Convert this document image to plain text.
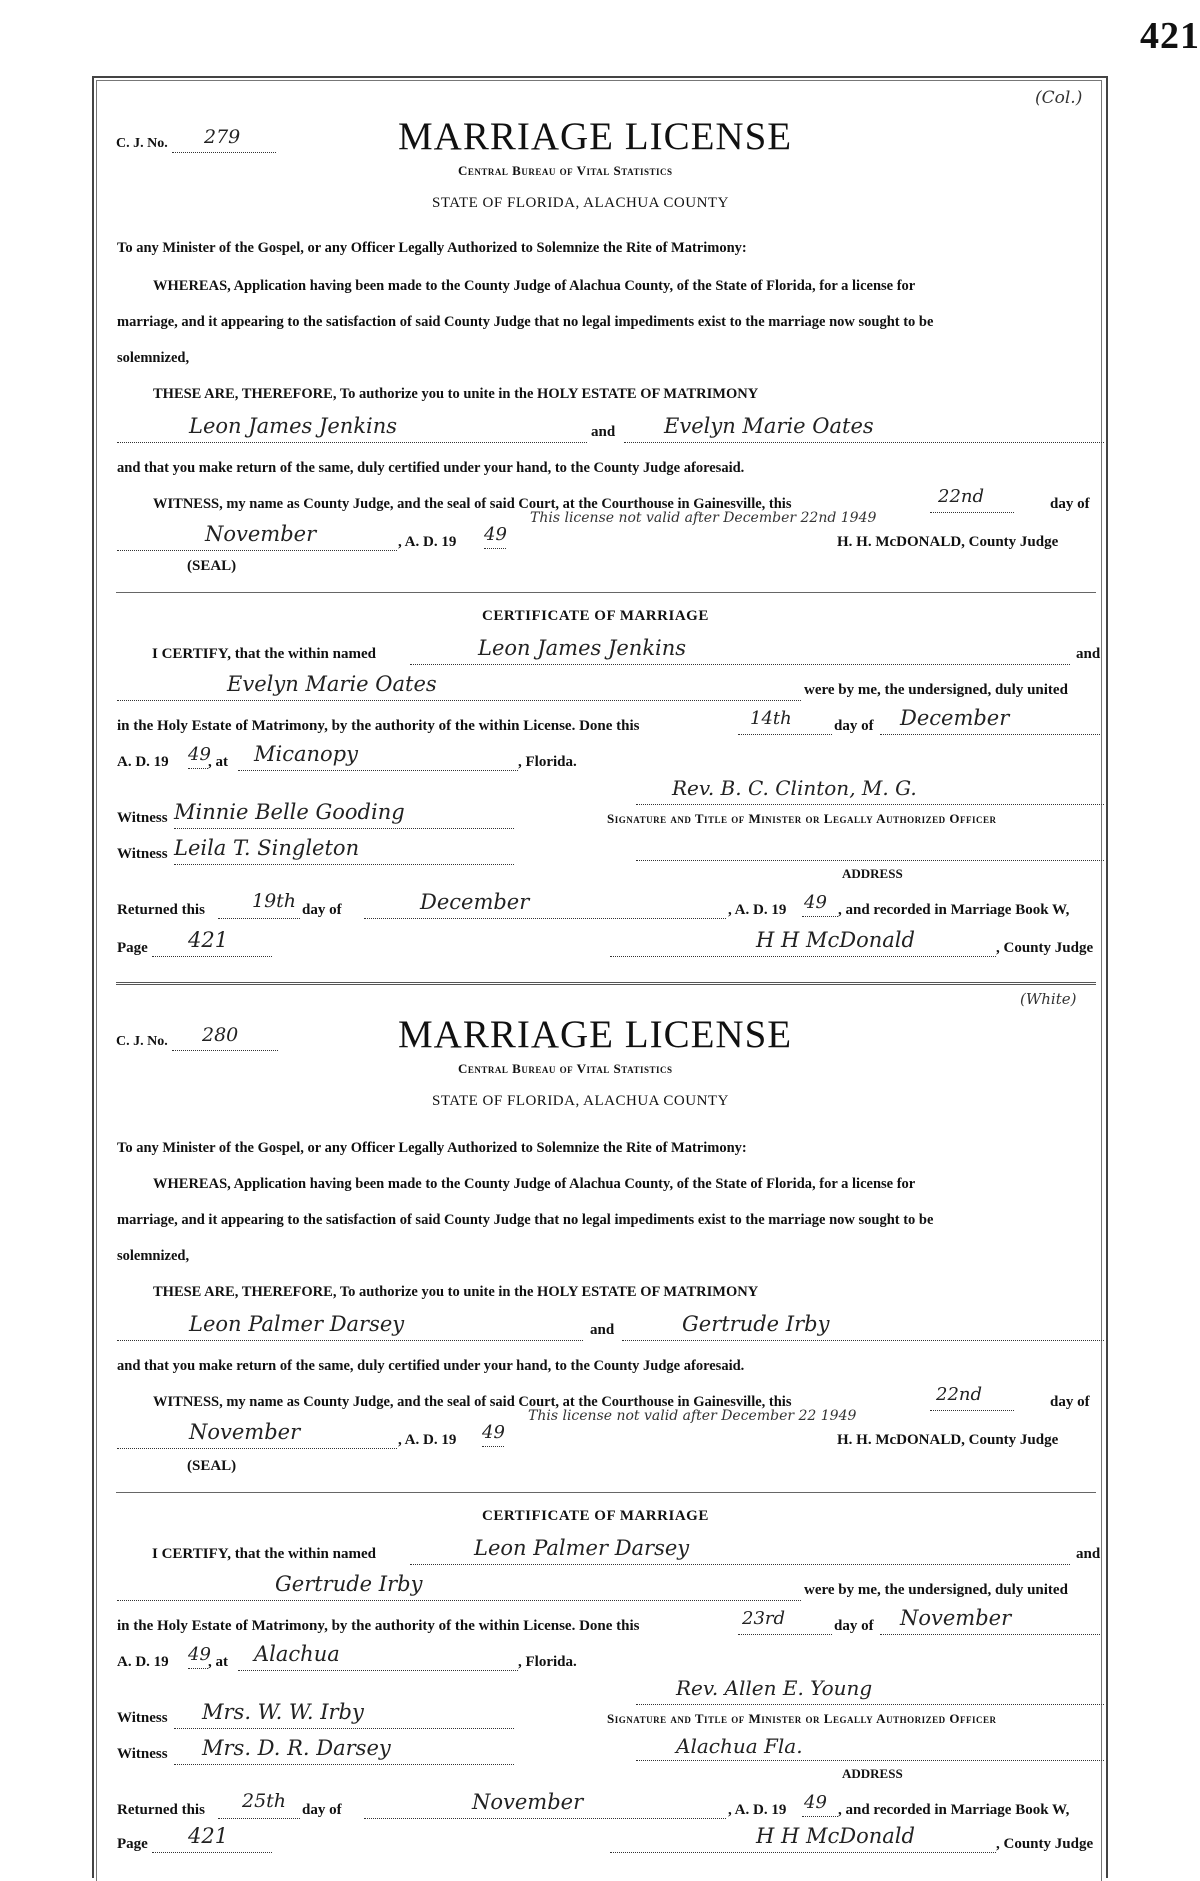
421
(Col.)
C. J. No. 279	MARRIAGE LICENSE
Central Bureau of Vital Statistics
STATE OF FLORIDA, ALACHUA COUNTY
To any Minister of the Gospel, or any Officer Legally Authorized to Solemnize the Rite of Matrimony:
WHEREAS, Application having been made to the County Judge of Alachua County, of the State of Florida, for a license for
marriage, and it appearing to the satisfaction of said County Judge that no legal impediments exist to the marriage now sought to be
solemnized,
THESE ARE, THEREFORE, To authorize you to unite in the HOLY ESTATE OF MATRIMONY
Leon James Jenkins	and Evelyn Marie Oates
and that you make return of the same, duly certified under your hand, to the County Judge aforesaid.
WITNESS, my name as County Judge, and the seal of said Court, at the Courthouse in Gainesville, this	22nd	day of
This license not valid after December 22nd 1949
November	, A. D. 19 49	H. H. McDONALD, County Judge
(SEAL)
CERTIFICATE OF MARRIAGE
I CERTIFY, that the within named	Leon James Jenkins	and
Evelyn Marie Oates	were by me, the undersigned, duly united
in the Holy Estate of Matrimony, by the authority of the within License. Done this	14th	day of December
A. D. 19 49
, at Micanopy	, Florida.
Rev. B. C. Clinton, M. G.
Witness Minnie Belle Gooding	Signature and Title of Minister or Legally Authorized Officer
Witness Leila T. Singleton
ADDRESS
Returned this 19th day of	December	, A. D. 19 49 , and recorded in Marriage Book W,
Page 421	H H McDonald	, County Judge
(White)
C. J. No. 280	MARRIAGE LICENSE
Central Bureau of Vital Statistics
STATE OF FLORIDA, ALACHUA COUNTY
To any Minister of the Gospel, or any Officer Legally Authorized to Solemnize the Rite of Matrimony:
WHEREAS, Application having been made to the County Judge of Alachua County, of the State of Florida, for a license for
marriage, and it appearing to the satisfaction of said County Judge that no legal impediments exist to the marriage now sought to be
solemnized,
THESE ARE, THEREFORE, To authorize you to unite in the HOLY ESTATE OF MATRIMONY
Leon Palmer Darsey	and	Gertrude Irby
and that you make return of the same, duly certified under your hand, to the County Judge aforesaid.
WITNESS, my name as County Judge, and the seal of said Court, at the Courthouse in Gainesville, this	22nd	day of
This license not valid after December 22 1949
November	, A. D. 19 49	H. H. McDONALD, County Judge
(SEAL)
CERTIFICATE OF MARRIAGE
I CERTIFY, that the within named	Leon Palmer Darsey	and
Gertrude Irby	were by me, the undersigned, duly united
in the Holy Estate of Matrimony, by the authority of the within License. Done this	23rd	day of November
A. D. 19 49
, at Alachua	, Florida.
Rev. Allen E. Young
Witness Mrs. W. W. Irby	Signature and Title of Minister or Legally Authorized Officer
Witness Mrs. D. R. Darsey	Alachua Fla.
ADDRESS
Returned this 25th day of	November	, A. D. 19 49 , and recorded in Marriage Book W,
Page 421	H H McDonald	, County Judge
